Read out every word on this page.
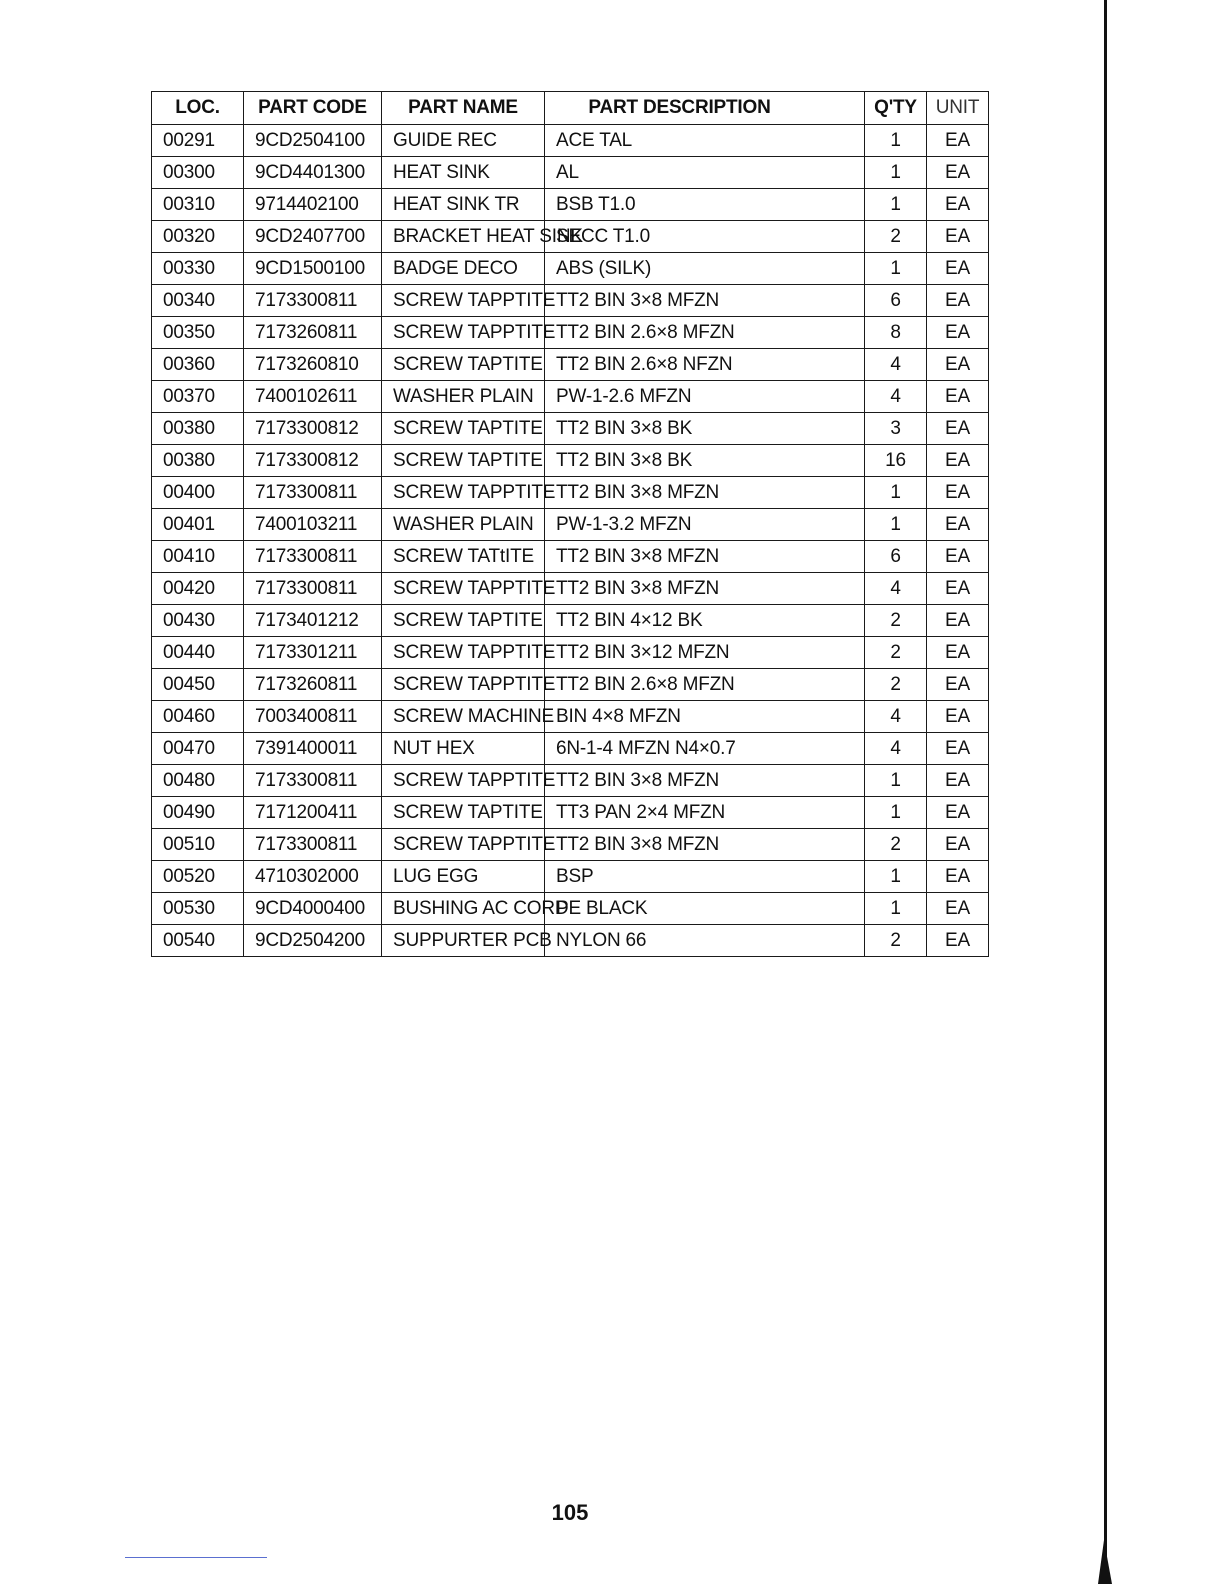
LOC.	PART CODE	PART NAME	PART DESCRIPTION	Q'TY	UNIT
00291	9CD2504100	GUIDE REC	ACE TAL	1	EA
00300	9CD4401300	HEAT SINK	AL	1	EA
00310	9714402100	HEAT SINK TR	BSB T1.0	1	EA
00320	9CD2407700	BRACKET HEAT SINK	SECC T1.0	2	EA
00330	9CD1500100	BADGE DECO	ABS (SILK)	1	EA
00340	7173300811	SCREW TAPPTITE	TT2 BIN 3×8 MFZN	6	EA
00350	7173260811	SCREW TAPPTITE	TT2 BIN 2.6×8 MFZN	8	EA
00360	7173260810	SCREW TAPTITE	TT2 BIN 2.6×8 NFZN	4	EA
00370	7400102611	WASHER PLAIN	PW-1-2.6 MFZN	4	EA
00380	7173300812	SCREW TAPTITE	TT2 BIN 3×8 BK	3	EA
00380	7173300812	SCREW TAPTITE	TT2 BIN 3×8 BK	16	EA
00400	7173300811	SCREW TAPPTITE	TT2 BIN 3×8 MFZN	1	EA
00401	7400103211	WASHER PLAIN	PW-1-3.2 MFZN	1	EA
00410	7173300811	SCREW TATtITE	TT2 BIN 3×8 MFZN	6	EA
00420	7173300811	SCREW TAPPTITE	TT2 BIN 3×8 MFZN	4	EA
00430	7173401212	SCREW TAPTITE	TT2 BIN 4×12 BK	2	EA
00440	7173301211	SCREW TAPPTITE	TT2 BIN 3×12 MFZN	2	EA
00450	7173260811	SCREW TAPPTITE	TT2 BIN 2.6×8 MFZN	2	EA
00460	7003400811	SCREW MACHINE	BIN 4×8 MFZN	4	EA
00470	7391400011	NUT HEX	6N-1-4 MFZN N4×0.7	4	EA
00480	7173300811	SCREW TAPPTITE	TT2 BIN 3×8 MFZN	1	EA
00490	7171200411	SCREW TAPTITE	TT3 PAN 2×4 MFZN	1	EA
00510	7173300811	SCREW TAPPTITE	TT2 BIN 3×8 MFZN	2	EA
00520	4710302000	LUG EGG	BSP	1	EA
00530	9CD4000400	BUSHING AC CORD	PE BLACK	1	EA
00540	9CD2504200	SUPPURTER PCB	NYLON 66	2	EA
105
